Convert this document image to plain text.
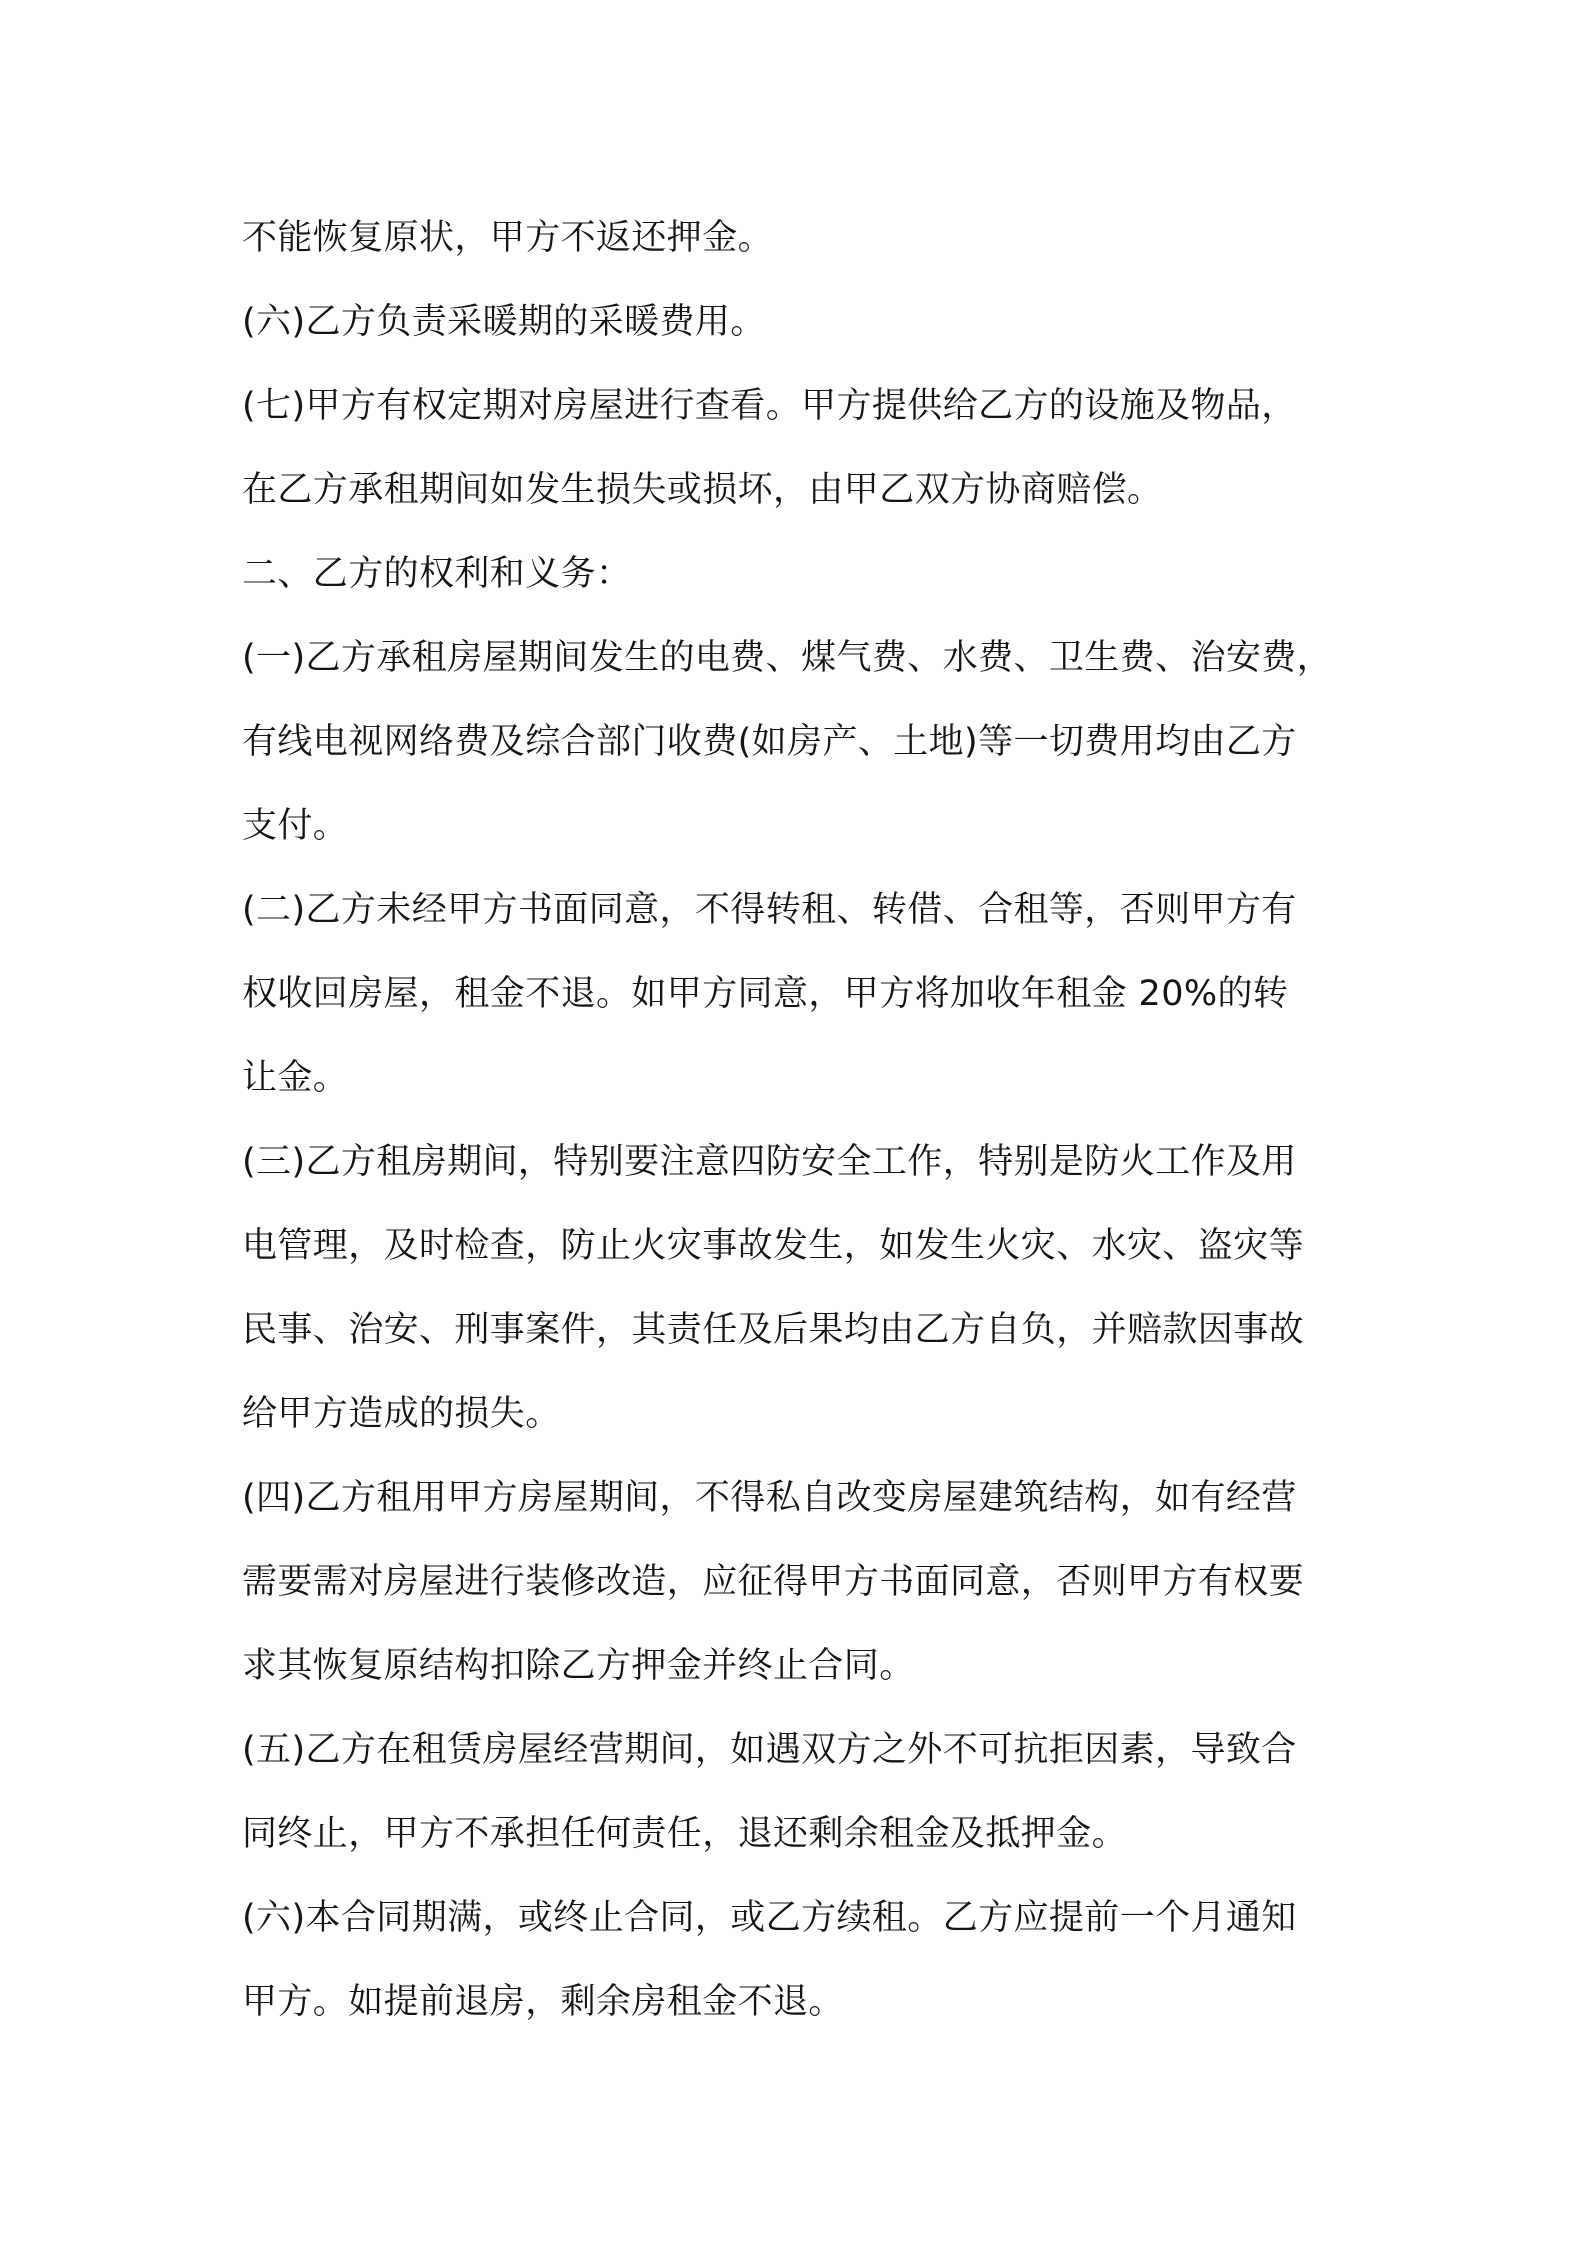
不能恢复原状，甲方不返还押金。
(六)乙方负责采暖期的采暖费用。
(七)甲方有权定期对房屋进行查看。甲方提供给乙方的设施及物品，
在乙方承租期间如发生损失或损坏，由甲乙双方协商赔偿。
二、乙方的权利和义务：
(一)乙方承租房屋期间发生的电费、煤气费、水费、卫生费、治安费，
有线电视网络费及综合部门收费(如房产、土地)等一切费用均由乙方
支付。
(二)乙方未经甲方书面同意，不得转租、转借、合租等，否则甲方有
权收回房屋，租金不退。如甲方同意，甲方将加收年租金 20%的转
让金。
(三)乙方租房期间，特别要注意四防安全工作，特别是防火工作及用
电管理，及时检查，防止火灾事故发生，如发生火灾、水灾、盗灾等
民事、治安、刑事案件，其责任及后果均由乙方自负，并赔款因事故
给甲方造成的损失。
(四)乙方租用甲方房屋期间，不得私自改变房屋建筑结构，如有经营
需要需对房屋进行装修改造，应征得甲方书面同意，否则甲方有权要
求其恢复原结构扣除乙方押金并终止合同。
(五)乙方在租赁房屋经营期间，如遇双方之外不可抗拒因素，导致合
同终止，甲方不承担任何责任，退还剩余租金及抵押金。
(六)本合同期满，或终止合同，或乙方续租。乙方应提前一个月通知
甲方。如提前退房，剩余房租金不退。
